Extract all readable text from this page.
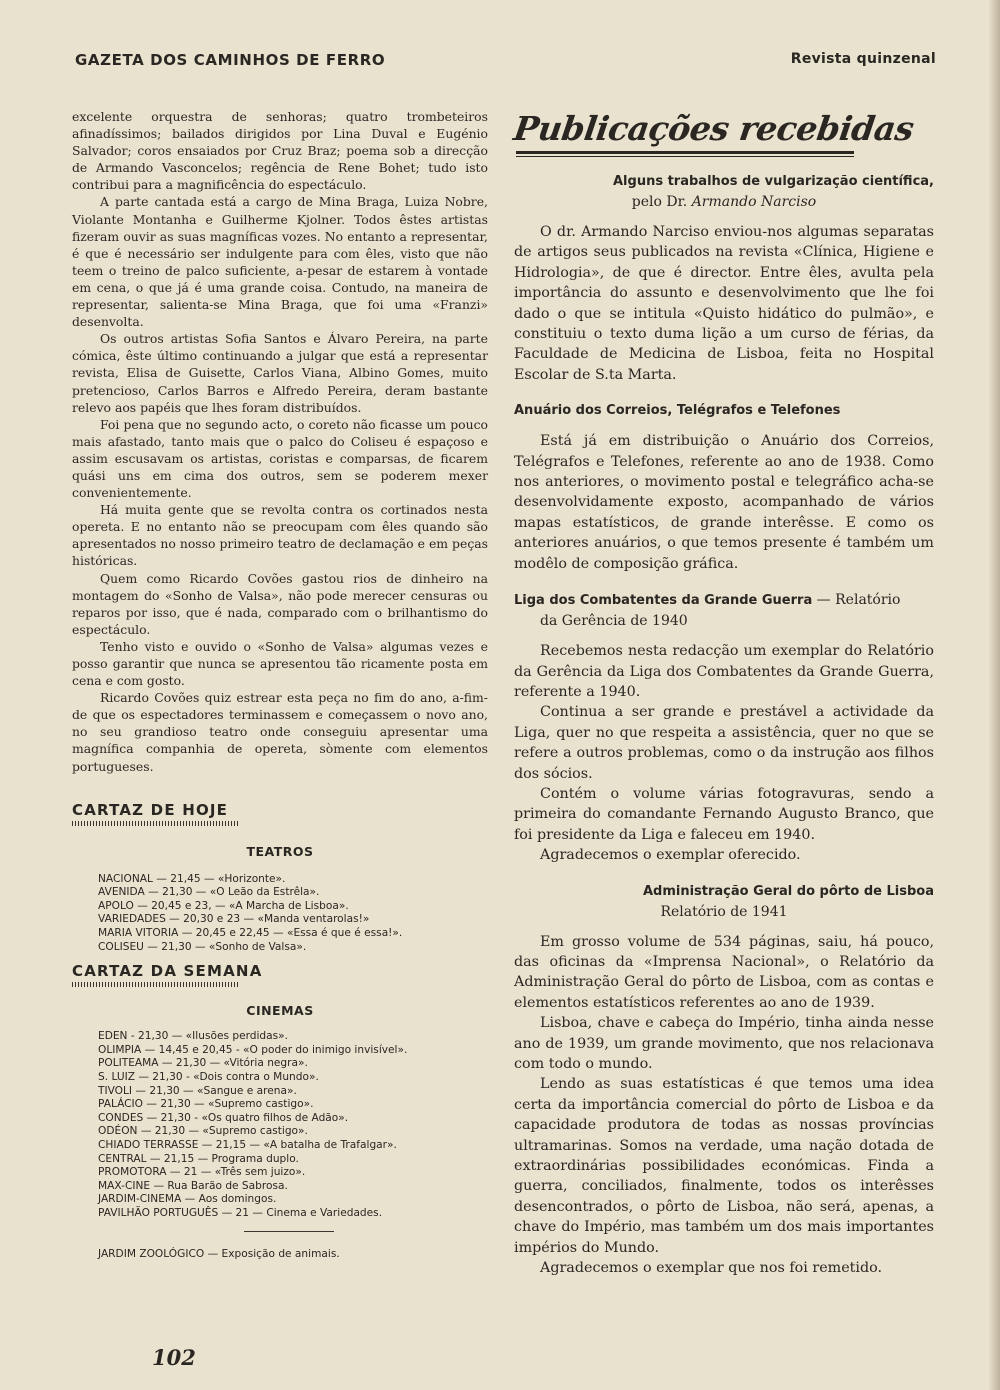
GAZETA DOS CAMINHOS DE FERRO	Revista quinzenal

excelente orquestra de senhoras; quatro trombeteiros afinadíssimos; bailados dirigidos por Lina Duval e Eugénio Salvador; coros ensaiados por Cruz Braz; poema sob a direcção de Armando Vasconcelos; regência de Rene Bohet; tudo isto contribui para a magnificência do espectáculo.

A parte cantada está a cargo de Mina Braga, Luiza Nobre, Violante Montanha e Guilherme Kjolner. Todos êstes artistas fizeram ouvir as suas magníficas vozes. No entanto a representar, é que é necessário ser indulgente para com êles, visto que não teem o treino de palco suficiente, a-pesar de estarem à vontade em cena, o que já é uma grande coisa. Contudo, na maneira de representar, salienta-se Mina Braga, que foi uma «Franzi» desenvolta.

Os outros artistas Sofia Santos e Álvaro Pereira, na parte cómica, êste último continuando a julgar que está a representar revista, Elisa de Guisette, Carlos Viana, Albino Gomes, muito pretencioso, Carlos Barros e Alfredo Pereira, deram bastante relevo aos papéis que lhes foram distribuídos.

Foi pena que no segundo acto, o coreto não ficasse um pouco mais afastado, tanto mais que o palco do Coliseu é espaçoso e assim escusavam os artistas, coristas e comparsas, de ficarem quási uns em cima dos outros, sem se poderem mexer convenientemente.

Há muita gente que se revolta contra os cortinados nesta opereta. E no entanto não se preocupam com êles quando são apresentados no nosso primeiro teatro de declamação e em peças históricas.

Quem como Ricardo Covões gastou rios de dinheiro na montagem do «Sonho de Valsa», não pode merecer censuras ou reparos por isso, que é nada, comparado com o brilhantismo do espectáculo.

Tenho visto e ouvido o «Sonho de Valsa» algumas vezes e posso garantir que nunca se apresentou tão ricamente posta em cena e com gosto.

Ricardo Covões quiz estrear esta peça no fim do ano, a-fim-de que os espectadores terminassem e começassem o novo ano, no seu grandioso teatro onde conseguiu apresentar uma magnífica companhia de opereta, sòmente com elementos portugueses.

CARTAZ DE HOJE
TEATROS
NACIONAL — 21,45 — «Horizonte».
AVENIDA — 21,30 — «O Leão da Estrêla».
APOLO — 20,45 e 23, — «A Marcha de Lisboa».
VARIEDADES — 20,30 e 23 — «Manda ventarolas!»
MARIA VITORIA — 20,45 e 22,45 — «Essa é que é essa!».
COLISEU — 21,30 — «Sonho de Valsa».
CARTAZ DA SEMANA
CINEMAS
EDEN - 21,30 — «Ilusões perdidas».
OLIMPIA — 14,45 e 20,45 - «O poder do inimigo invisível».
POLITEAMA — 21,30 — «Vitória negra».
S. LUIZ — 21,30 - «Dois contra o Mundo».
TIVOLI — 21,30 — «Sangue e arena».
PALÁCIO — 21,30 — «Supremo castigo».
CONDES — 21,30 - «Os quatro filhos de Adão».
ODÉON — 21,30 — «Supremo castigo».
CHIADO TERRASSE — 21,15 — «A batalha de Trafalgar».
CENTRAL — 21,15 — Programa duplo.
PROMOTORA — 21 — «Três sem juizo».
MAX-CINE — Rua Barão de Sabrosa.
JARDIM-CINEMA — Aos domingos.
PAVILHÃO PORTUGUÊS — 21 — Cinema e Variedades.
JARDIM ZOOLÓGICO — Exposição de animais.
Publicações recebidas
Alguns trabalhos de vulgarização científica,
pelo Dr. Armando Narciso

O dr. Armando Narciso enviou-nos algumas separatas de artigos seus publicados na revista «Clínica, Higiene e Hidrologia», de que é director. Entre êles, avulta pela importância do assunto e desenvolvimento que lhe foi dado o que se intitula «Quisto hidático do pulmão», e constituiu o texto duma lição a um curso de férias, da Faculdade de Medicina de Lisboa, feita no Hospital Escolar de S.ta Marta.

Anuário dos Correios, Telégrafos e Telefones

Está já em distribuição o Anuário dos Correios, Telégrafos e Telefones, referente ao ano de 1938. Como nos anteriores, o movimento postal e telegráfico acha-se desenvolvidamente exposto, acompanhado de vários mapas estatísticos, de grande interêsse. E como os anteriores anuários, o que temos presente é também um modêlo de composição gráfica.

Liga dos Combatentes da Grande Guerra — Relatório
da Gerência de 1940

Recebemos nesta redacção um exemplar do Relatório da Gerência da Liga dos Combatentes da Grande Guerra, referente a 1940.

Continua a ser grande e prestável a actividade da Liga, quer no que respeita a assistência, quer no que se refere a outros problemas, como o da instrução aos filhos dos sócios.

Contém o volume várias fotogravuras, sendo a primeira do comandante Fernando Augusto Branco, que foi presidente da Liga e faleceu em 1940.

Agradecemos o exemplar oferecido.

Administração Geral do pôrto de Lisboa
Relatório de 1941

Em grosso volume de 534 páginas, saiu, há pouco, das oficinas da «Imprensa Nacional», o Relatório da Administração Geral do pôrto de Lisboa, com as contas e elementos estatísticos referentes ao ano de 1939.

Lisboa, chave e cabeça do Império, tinha ainda nesse ano de 1939, um grande movimento, que nos relacionava com todo o mundo.

Lendo as suas estatísticas é que temos uma idea certa da importância comercial do pôrto de Lisboa e da capacidade produtora de todas as nossas províncias ultramarinas. Somos na verdade, uma nação dotada de extraordinárias possibilidades económicas. Finda a guerra, conciliados, finalmente, todos os interêsses desencontrados, o pôrto de Lisboa, não será, apenas, a chave do Império, mas também um dos mais importantes impérios do Mundo.

Agradecemos o exemplar que nos foi remetido.

102
